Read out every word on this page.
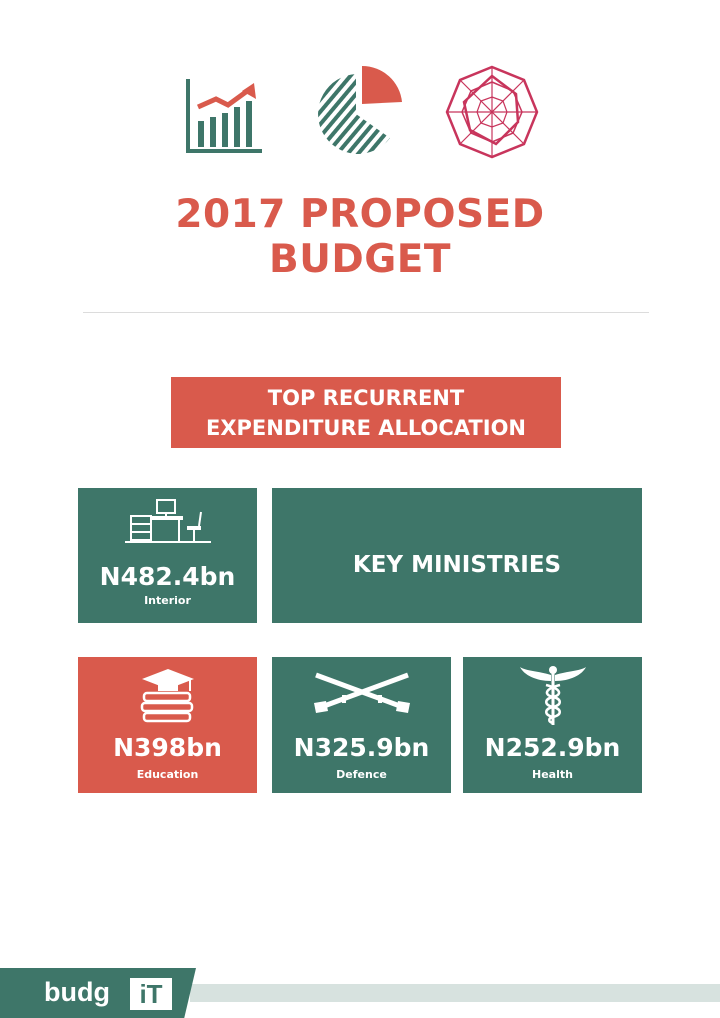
2017 PROPOSED
BUDGET
TOP RECURRENT
EXPENDITURE ALLOCATION
N482.4bn
Interior
KEY MINISTRIES
N398bn
Education
N325.9bn
Defence
N252.9bn
Health
budg	iT
